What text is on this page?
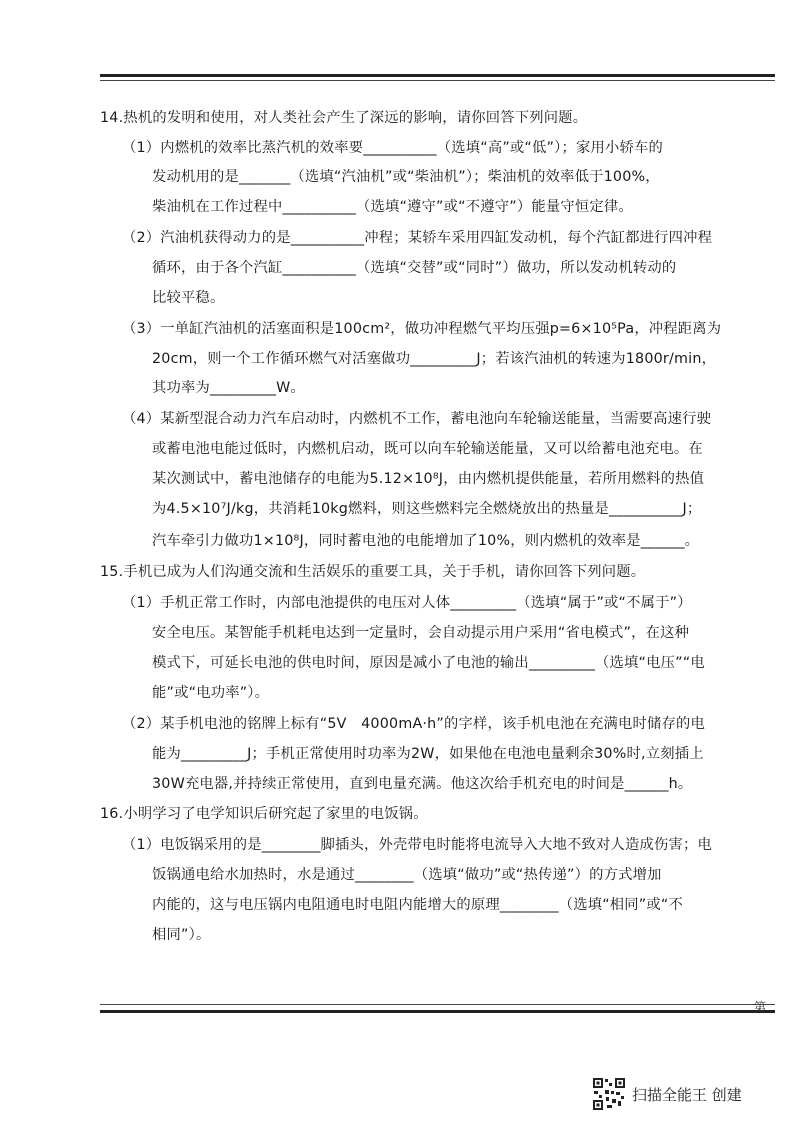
14.热机的发明和使用，对人类社会产生了深远的影响，请你回答下列问题。
（1）内燃机的效率比蒸汽机的效率要__________（选填“高”或“低”）；家用小轿车的
发动机用的是_______（选填“汽油机”或“柴油机”）；柴油机的效率低于100%，
柴油机在工作过程中__________（选填“遵守”或“不遵守”）能量守恒定律。
（2）汽油机获得动力的是__________冲程；某轿车采用四缸发动机，每个汽缸都进行四冲程
循环，由于各个汽缸__________（选填“交替”或“同时”）做功，所以发动机转动的
比较平稳。
（3）一单缸汽油机的活塞面积是100cm²，做功冲程燃气平均压强p=6×10⁵Pa，冲程距离为
20cm，则一个工作循环燃气对活塞做功_________J；若该汽油机的转速为1800r/min，
其功率为_________W。
（4）某新型混合动力汽车启动时，内燃机不工作，蓄电池向车轮输送能量，当需要高速行驶
或蓄电池电能过低时，内燃机启动，既可以向车轮输送能量，又可以给蓄电池充电。在
某次测试中，蓄电池储存的电能为5.12×10⁸J，由内燃机提供能量，若所用燃料的热值
为4.5×10⁷J/kg，共消耗10kg燃料，则这些燃料完全燃烧放出的热量是__________J；
汽车牵引力做功1×10⁸J，同时蓄电池的电能增加了10%，则内燃机的效率是______。
15.手机已成为人们沟通交流和生活娱乐的重要工具，关于手机，请你回答下列问题。
（1）手机正常工作时，内部电池提供的电压对人体_________（选填“属于”或“不属于”）
安全电压。某智能手机耗电达到一定量时，会自动提示用户采用“省电模式”，在这种
模式下，可延长电池的供电时间，原因是减小了电池的输出_________（选填“电压”“电
能”或“电功率”）。
（2）某手机电池的铭牌上标有“5V　4000mA·h”的字样，该手机电池在充满电时储存的电
能为_________J；手机正常使用时功率为2W，如果他在电池电量剩余30%时,立刻插上
30W充电器,并持续正常使用，直到电量充满。他这次给手机充电的时间是______h。
16.小明学习了电学知识后研究起了家里的电饭锅。
（1）电饭锅采用的是________脚插头，外壳带电时能将电流导入大地不致对人造成伤害；电
饭锅通电给水加热时，水是通过________（选填“做功”或“热传递”）的方式增加
内能的，这与电压锅内电阻通电时电阻内能增大的原理________（选填“相同”或“不
相同”）。
第
扫描全能王 创建
